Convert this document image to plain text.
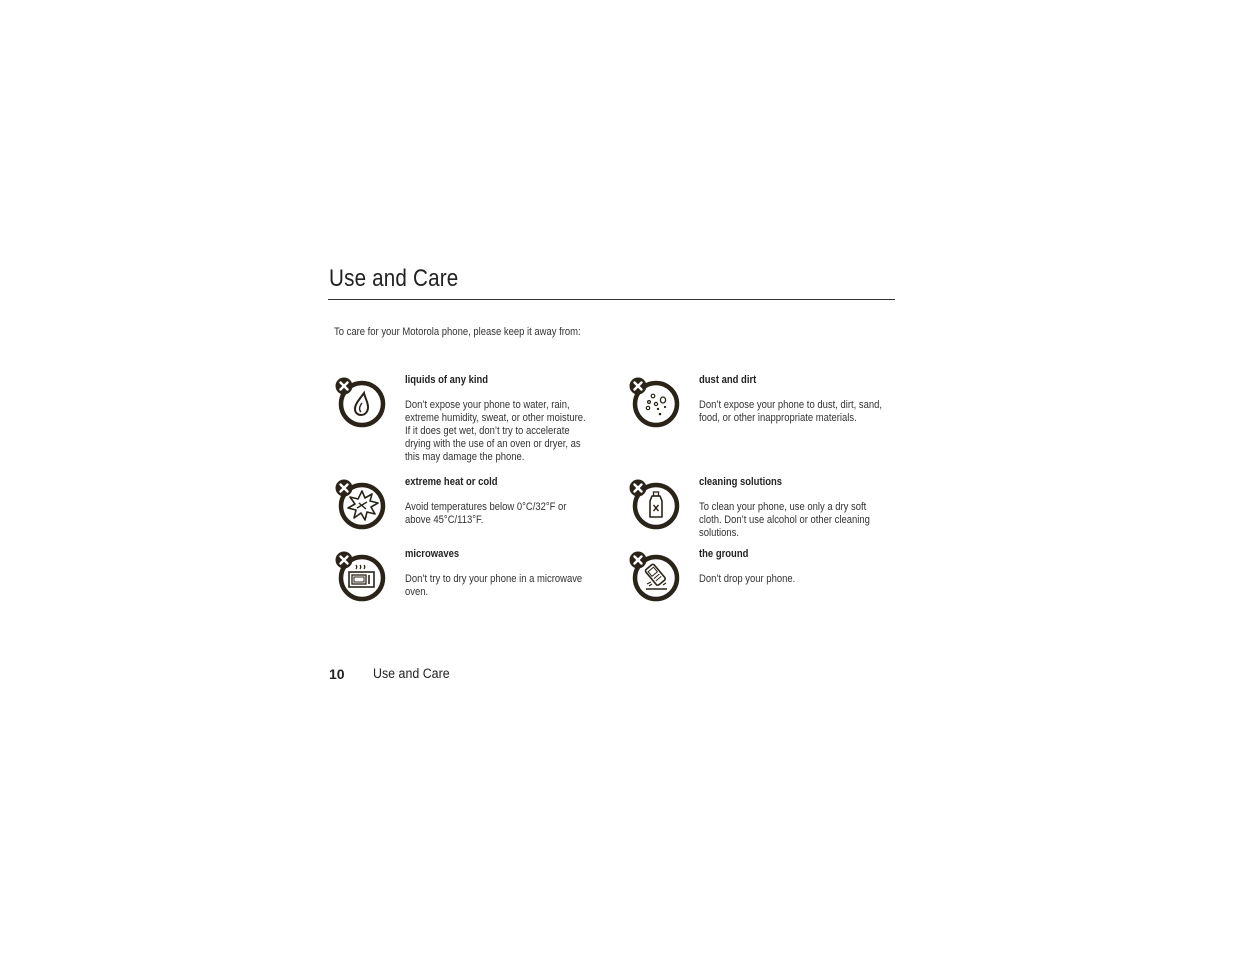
Use and Care
To care for your Motorola phone, please keep it away from:
liquids of any kind
Don’t expose your phone to water, rain, extreme humidity, sweat, or other moisture. If it does get wet, don’t try to accelerate drying with the use of an oven or dryer, as this may damage the phone.
dust and dirt
Don’t expose your phone to dust, dirt, sand, food, or other inappropriate materials.
extreme heat or cold
Avoid temperatures below 0°C/32°F or above 45°C/113°F.
cleaning solutions
To clean your phone, use only a dry soft cloth. Don’t use alcohol or other cleaning solutions.
microwaves
Don’t try to dry your phone in a microwave oven.
the ground
Don’t drop your phone.
10 Use and Care
